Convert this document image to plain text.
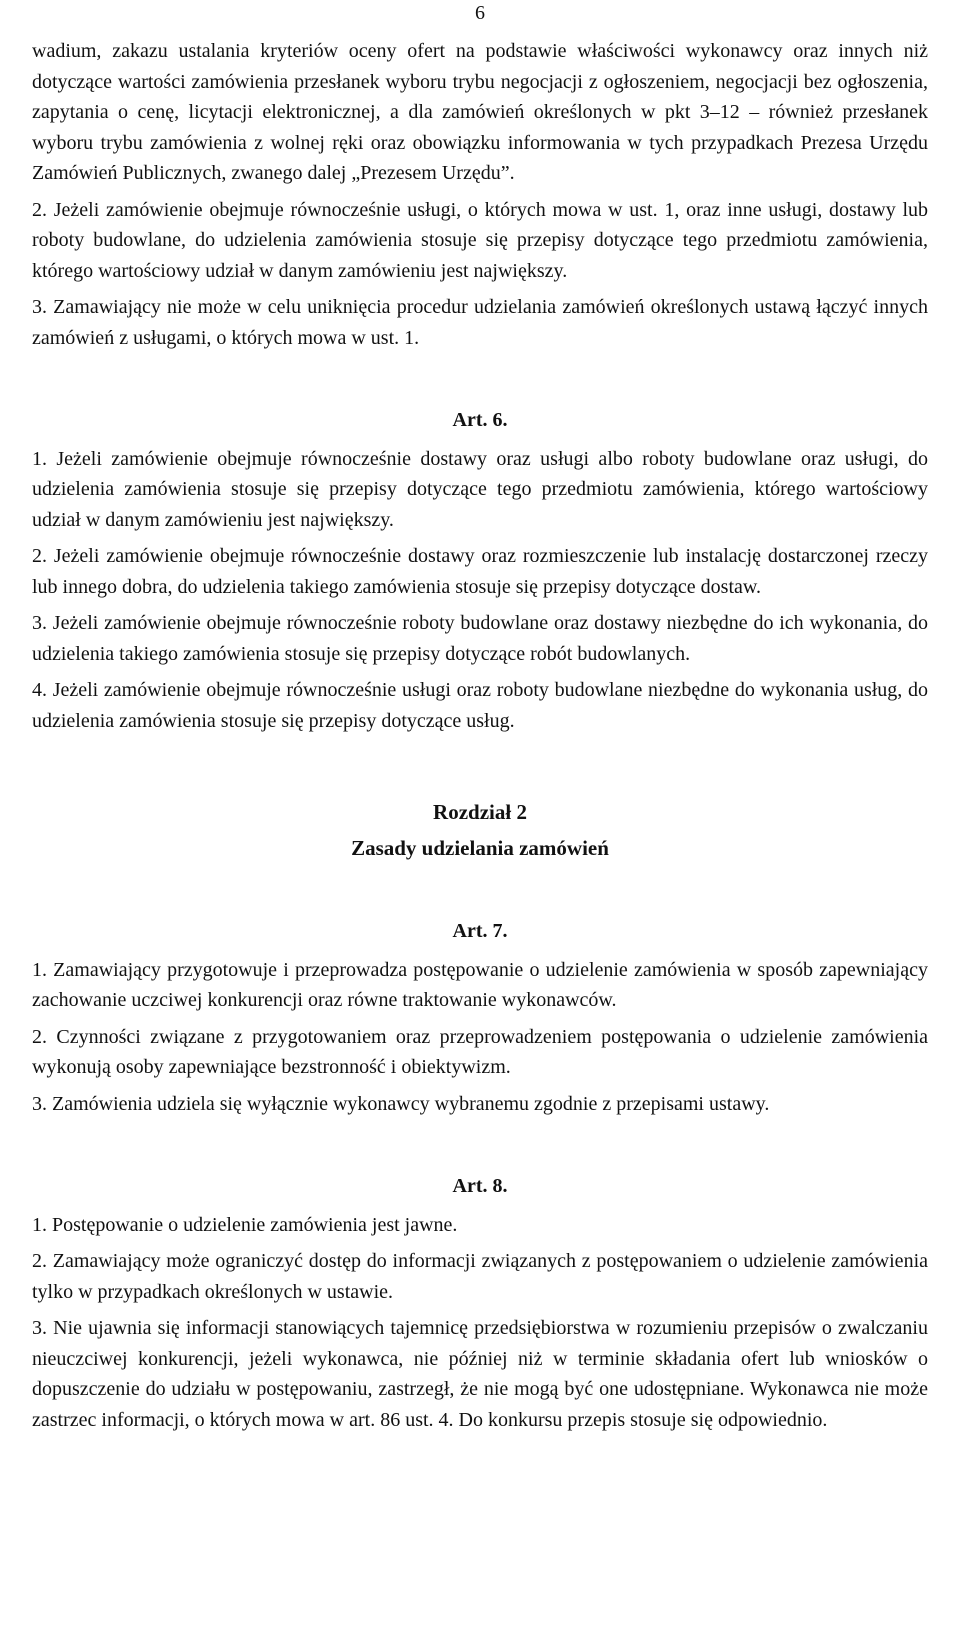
6

wadium, zakazu ustalania kryteriów oceny ofert na podstawie właściwości wykonawcy oraz innych niż dotyczące wartości zamówienia przesłanek wyboru trybu negocjacji z ogłoszeniem, negocjacji bez ogłoszenia, zapytania o cenę, licytacji elektronicznej, a dla zamówień określonych w pkt 3–12 – również przesłanek wyboru trybu zamówienia z wolnej ręki oraz obowiązku informowania w tych przypadkach Prezesa Urzędu Zamówień Publicznych, zwanego dalej „Prezesem Urzędu”.

2. Jeżeli zamówienie obejmuje równocześnie usługi, o których mowa w ust. 1, oraz inne usługi, dostawy lub roboty budowlane, do udzielenia zamówienia stosuje się przepisy dotyczące tego przedmiotu zamówienia, którego wartościowy udział w danym zamówieniu jest największy.

3. Zamawiający nie może w celu uniknięcia procedur udzielania zamówień określonych ustawą łączyć innych zamówień z usługami, o których mowa w ust. 1.

Art. 6.

1. Jeżeli zamówienie obejmuje równocześnie dostawy oraz usługi albo roboty budowlane oraz usługi, do udzielenia zamówienia stosuje się przepisy dotyczące tego przedmiotu zamówienia, którego wartościowy udział w danym zamówieniu jest największy.

2. Jeżeli zamówienie obejmuje równocześnie dostawy oraz rozmieszczenie lub instalację dostarczonej rzeczy lub innego dobra, do udzielenia takiego zamówienia stosuje się przepisy dotyczące dostaw.

3. Jeżeli zamówienie obejmuje równocześnie roboty budowlane oraz dostawy niezbędne do ich wykonania, do udzielenia takiego zamówienia stosuje się przepisy dotyczące robót budowlanych.

4. Jeżeli zamówienie obejmuje równocześnie usługi oraz roboty budowlane niezbędne do wykonania usług, do udzielenia zamówienia stosuje się przepisy dotyczące usług.

Rozdział 2
Zasady udzielania zamówień
Art. 7.

1. Zamawiający przygotowuje i przeprowadza postępowanie o udzielenie zamówienia w sposób zapewniający zachowanie uczciwej konkurencji oraz równe traktowanie wykonawców.

2. Czynności związane z przygotowaniem oraz przeprowadzeniem postępowania o udzielenie zamówienia wykonują osoby zapewniające bezstronność i obiektywizm.

3. Zamówienia udziela się wyłącznie wykonawcy wybranemu zgodnie z przepisami ustawy.

Art. 8.

1. Postępowanie o udzielenie zamówienia jest jawne.

2. Zamawiający może ograniczyć dostęp do informacji związanych z postępowaniem o udzielenie zamówienia tylko w przypadkach określonych w ustawie.

3. Nie ujawnia się informacji stanowiących tajemnicę przedsiębiorstwa w rozumieniu przepisów o zwalczaniu nieuczciwej konkurencji, jeżeli wykonawca, nie później niż w terminie składania ofert lub wniosków o dopuszczenie do udziału w postępowaniu, zastrzegł, że nie mogą być one udostępniane. Wykonawca nie może zastrzec informacji, o których mowa w art. 86 ust. 4. Do konkursu przepis stosuje się odpowiednio.
